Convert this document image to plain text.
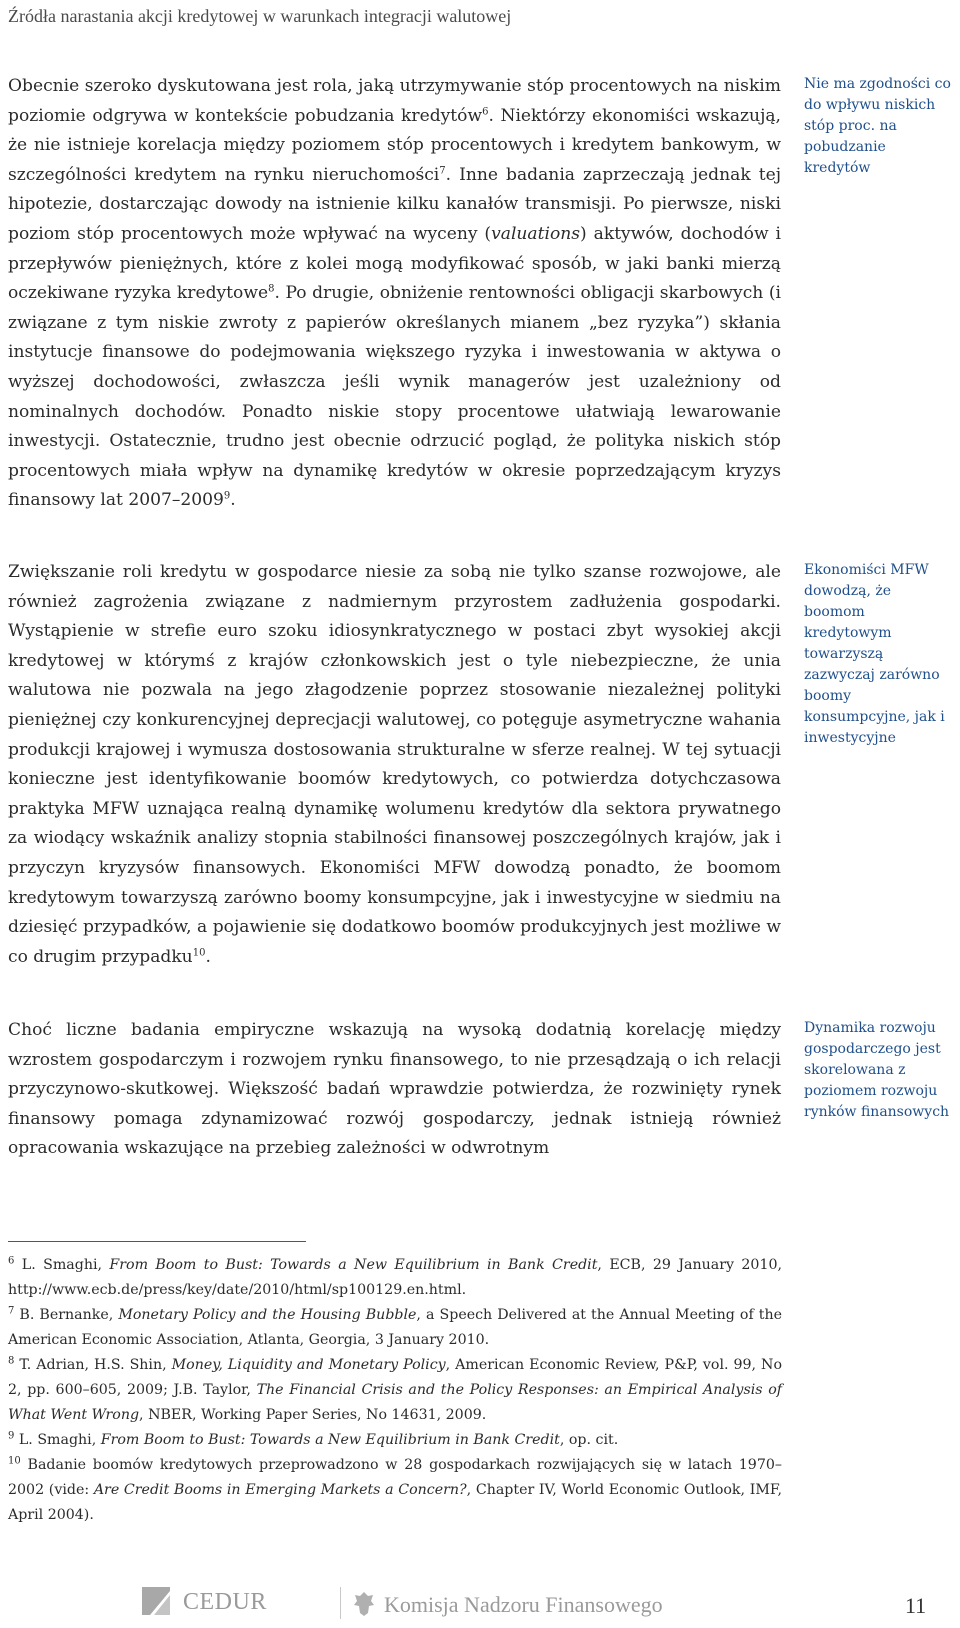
Źródła narastania akcji kredytowej w warunkach integracji walutowej
Obecnie szeroko dyskutowana jest rola, jaką utrzymywanie stóp procentowych na niskim poziomie odgrywa w kontekście pobudzania kredytów$^6$. Niektórzy ekonomiści wskazują, że nie istnieje korelacja między poziomem stóp procentowych i kredytem bankowym, w szczególności kredytem na rynku nieruchomości$^7$. Inne badania zaprzeczają jednak tej hipotezie, dostarczając dowody na istnienie kilku kanałów transmisji. Po pierwsze, niski poziom stóp procentowych może wpływać na wyceny (valuations) aktywów, dochodów i przepływów pieniężnych, które z kolei mogą modyfikować sposób, w jaki banki mierzą oczekiwane ryzyka kredytowe$^8$. Po drugie, obniżenie rentowności obligacji skarbowych (i związane z tym niskie zwroty z papierów określanych mianem „bez ryzyka”) skłania instytucje finansowe do podejmowania większego ryzyka i inwestowania w aktywa o wyższej dochodowości, zwłaszcza jeśli wynik managerów jest uzależniony od nominalnych dochodów. Ponadto niskie stopy procentowe ułatwiają lewarowanie inwestycji. Ostatecznie, trudno jest obecnie odrzucić pogląd, że polityka niskich stóp procentowych miała wpływ na dynamikę kredytów w okresie poprzedzającym kryzys finansowy lat 2007–2009$^9$.
Zwiększanie roli kredytu w gospodarce niesie za sobą nie tylko szanse rozwojowe, ale również zagrożenia związane z nadmiernym przyrostem zadłużenia gospodarki. Wystąpienie w strefie euro szoku idiosynkratycznego w postaci zbyt wysokiej akcji kredytowej w którymś z krajów członkowskich jest o tyle niebezpieczne, że unia walutowa nie pozwala na jego złagodzenie poprzez stosowanie niezależnej polityki pieniężnej czy konkurencyjnej deprecjacji walutowej, co potęguje asymetryczne wahania produkcji krajowej i wymusza dostosowania strukturalne w sferze realnej. W tej sytuacji konieczne jest identyfikowanie boomów kredytowych, co potwierdza dotychczasowa praktyka MFW uznająca realną dynamikę wolumenu kredytów dla sektora prywatnego za wiodący wskaźnik analizy stopnia stabilności finansowej poszczególnych krajów, jak i przyczyn kryzysów finansowych. Ekonomiści MFW dowodzą ponadto, że boomom kredytowym towarzyszą zarówno boomy konsumpcyjne, jak i inwestycyjne w siedmiu na dziesięć przypadków, a pojawienie się dodatkowo boomów produkcyjnych jest możliwe w co drugim przypadku$^{10}$.
Choć liczne badania empiryczne wskazują na wysoką dodatnią korelację między wzrostem gospodarczym i rozwojem rynku finansowego, to nie przesądzają o ich relacji przyczynowo-skutkowej. Większość badań wprawdzie potwierdza, że rozwinięty rynek finansowy pomaga zdynamizować rozwój gospodarczy, jednak istnieją również opracowania wskazujące na przebieg zależności w odwrotnym
Nie ma zgodności co do wpływu niskich stóp proc. na pobudzanie kredytów
Ekonomiści MFW dowodzą, że boomom kredytowym towarzyszą zazwyczaj zarówno boomy konsumpcyjne, jak i inwestycyjne
Dynamika rozwoju gospodarczego jest skorelowana z poziomem rozwoju rynków finansowych

$^6$ L. Smaghi, From Boom to Bust: Towards a New Equilibrium in Bank Credit, ECB, 29 January 2010, http://www.ecb.de/press/key/date/2010/html/sp100129.en.html.

$^7$ B. Bernanke, Monetary Policy and the Housing Bubble, a Speech Delivered at the Annual Meeting of the American Economic Association, Atlanta, Georgia, 3 January 2010.

$^8$ T. Adrian, H.S. Shin, Money, Liquidity and Monetary Policy, American Economic Review, P&P, vol. 99, No 2, pp. 600–605, 2009; J.B. Taylor, The Financial Crisis and the Policy Responses: an Empirical Analysis of What Went Wrong, NBER, Working Paper Series, No 14631, 2009.

$^9$ L. Smaghi, From Boom to Bust: Towards a New Equilibrium in Bank Credit, op. cit.

$^{10}$ Badanie boomów kredytowych przeprowadzono w 28 gospodarkach rozwijających się w latach 1970–2002 (vide: Are Credit Booms in Emerging Markets a Concern?, Chapter IV, World Economic Outlook, IMF, April 2004).

CEDUR	Komisja Nadzoru Finansowego	11
